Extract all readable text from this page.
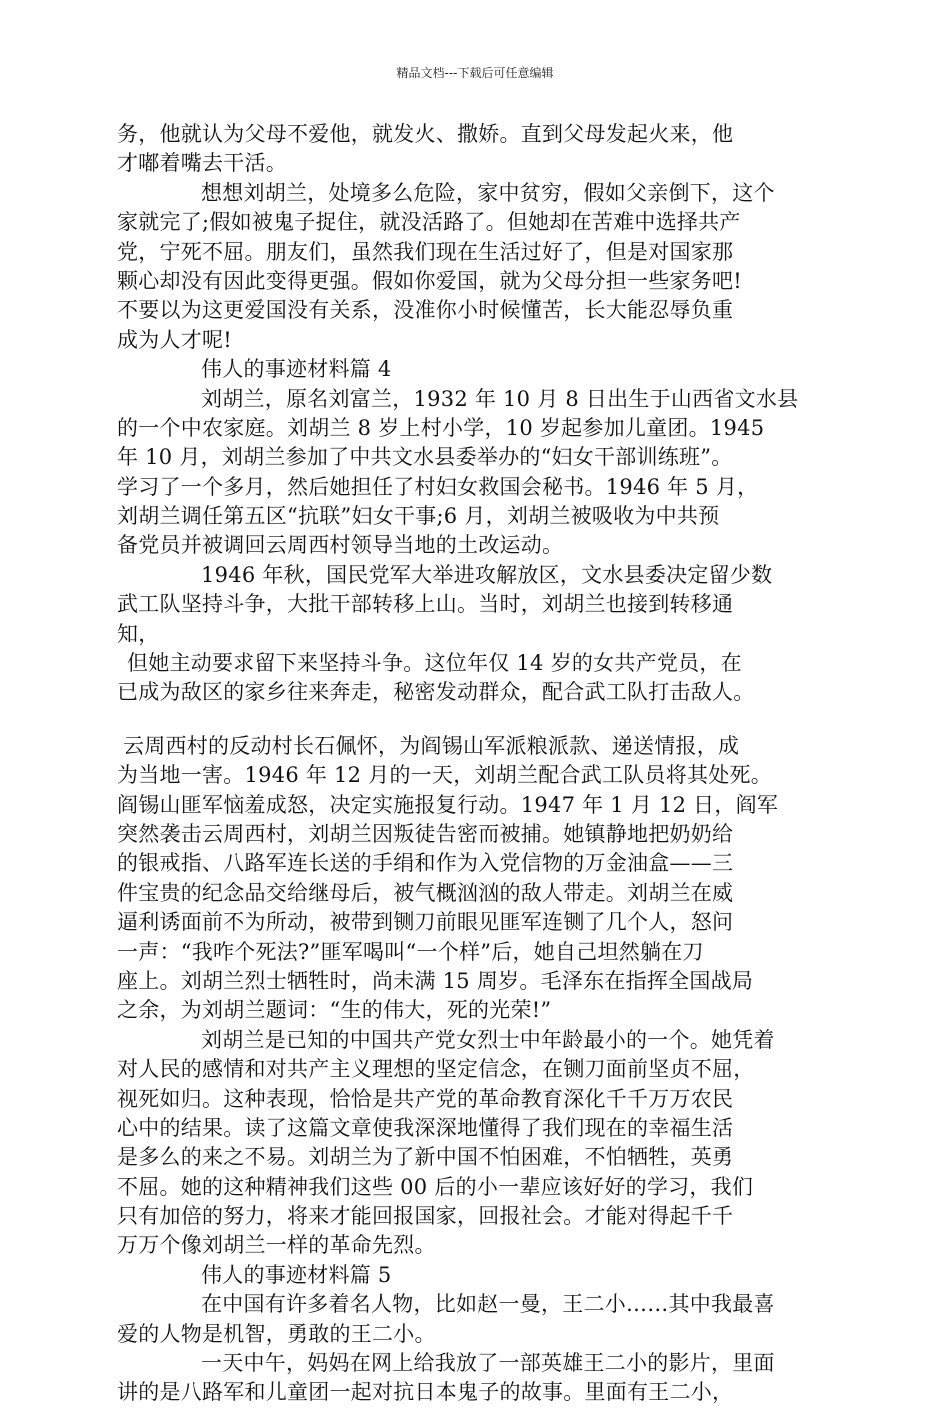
精品文档---下载后可任意编辑
务，他就认为父母不爱他，就发火、撒娇。直到父母发起火来，他
才嘟着嘴去干活。
想想刘胡兰，处境多么危险，家中贫穷，假如父亲倒下，这个
家就完了;假如被鬼子捉住，就没活路了。但她却在苦难中选择共产
党，宁死不屈。朋友们，虽然我们现在生活过好了，但是对国家那
颗心却没有因此变得更强。假如你爱国，就为父母分担一些家务吧!
不要以为这更爱国没有关系，没准你小时候懂苦，长大能忍辱负重
成为人才呢!
伟人的事迹材料篇 4
刘胡兰，原名刘富兰，1932 年 10 月 8 日出生于山西省文水县
的一个中农家庭。刘胡兰 8 岁上村小学，10 岁起参加儿童团。1945
年 10 月，刘胡兰参加了中共文水县委举办的“妇女干部训练班”。
学习了一个多月，然后她担任了村妇女救国会秘书。1946 年 5 月，
刘胡兰调任第五区“抗联”妇女干事;6 月，刘胡兰被吸收为中共预
备党员并被调回云周西村领导当地的土改运动。
1946 年秋，国民党军大举进攻解放区，文水县委决定留少数
武工队坚持斗争，大批干部转移上山。当时，刘胡兰也接到转移通
知，
但她主动要求留下来坚持斗争。这位年仅 14 岁的女共产党员，在
已成为敌区的家乡往来奔走，秘密发动群众，配合武工队打击敌人。
云周西村的反动村长石佩怀，为阎锡山军派粮派款、递送情报，成
为当地一害。1946 年 12 月的一天，刘胡兰配合武工队员将其处死。
阎锡山匪军恼羞成怒，决定实施报复行动。1947 年 1 月 12 日，阎军
突然袭击云周西村，刘胡兰因叛徒告密而被捕。她镇静地把奶奶给
的银戒指、八路军连长送的手绢和作为入党信物的万金油盒——三
件宝贵的纪念品交给继母后，被气概汹汹的敌人带走。刘胡兰在威
逼利诱面前不为所动，被带到铡刀前眼见匪军连铡了几个人，怒问
一声：“我咋个死法?”匪军喝叫“一个样”后，她自己坦然躺在刀
座上。刘胡兰烈士牺牲时，尚未满 15 周岁。毛泽东在指挥全国战局
之余，为刘胡兰题词：“生的伟大，死的光荣!”
刘胡兰是已知的中国共产党女烈士中年龄最小的一个。她凭着
对人民的感情和对共产主义理想的坚定信念，在铡刀面前坚贞不屈，
视死如归。这种表现，恰恰是共产党的革命教育深化千千万万农民
心中的结果。读了这篇文章使我深深地懂得了我们现在的幸福生活
是多么的来之不易。刘胡兰为了新中国不怕困难，不怕牺牲，英勇
不屈。她的这种精神我们这些 00 后的小一辈应该好好的学习，我们
只有加倍的努力，将来才能回报国家，回报社会。才能对得起千千
万万个像刘胡兰一样的革命先烈。
伟人的事迹材料篇 5
在中国有许多着名人物，比如赵一曼，王二小……其中我最喜
爱的人物是机智，勇敢的王二小。
一天中午，妈妈在网上给我放了一部英雄王二小的影片，里面
讲的是八路军和儿童团一起对抗日本鬼子的故事。里面有王二小，
